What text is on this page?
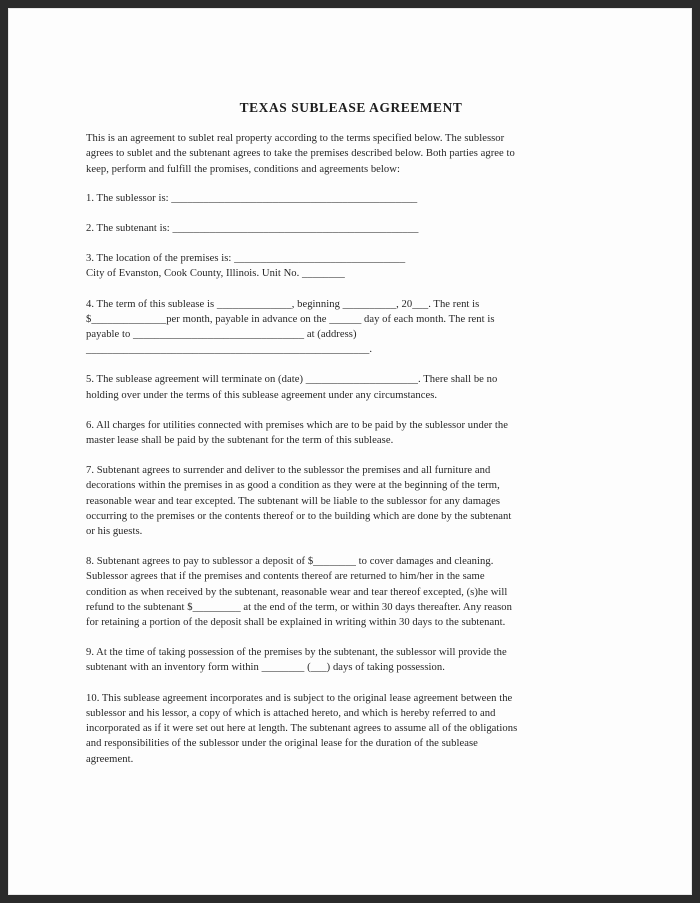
TEXAS SUBLEASE AGREEMENT
This is an agreement to sublet real property according to the terms specified below. The sublessor
agrees to sublet and the subtenant agrees to take the premises described below. Both parties agree to
keep, perform and fulfill the promises, conditions and agreements below:
1. The sublessor is: ______________________________________________
2. The subtenant is: ______________________________________________
3. The location of the premises is: ________________________________
City of Evanston, Cook County, Illinois. Unit No. ________
4. The term of this sublease is ______________, beginning __________, 20___. The rent is
$______________per month, payable in advance on the ______ day of each month. The rent is
payable to ________________________________ at (address)
_____________________________________________________.
5. The sublease agreement will terminate on (date) _____________________. There shall be no
holding over under the terms of this sublease agreement under any circumstances.
6. All charges for utilities connected with premises which are to be paid by the sublessor under the
master lease shall be paid by the subtenant for the term of this sublease.
7. Subtenant agrees to surrender and deliver to the sublessor the premises and all furniture and
decorations within the premises in as good a condition as they were at the beginning of the term,
reasonable wear and tear excepted. The subtenant will be liable to the sublessor for any damages
occurring to the premises or the contents thereof or to the building which are done by the subtenant
or his guests.
8. Subtenant agrees to pay to sublessor a deposit of $________ to cover damages and cleaning.
Sublessor agrees that if the premises and contents thereof are returned to him/her in the same
condition as when received by the subtenant, reasonable wear and tear thereof excepted, (s)he will
refund to the subtenant $_________ at the end of the term, or within 30 days thereafter. Any reason
for retaining a portion of the deposit shall be explained in writing within 30 days to the subtenant.
9. At the time of taking possession of the premises by the subtenant, the sublessor will provide the
subtenant with an inventory form within ________ (___) days of taking possession.
10. This sublease agreement incorporates and is subject to the original lease agreement between the
sublessor and his lessor, a copy of which is attached hereto, and which is hereby referred to and
incorporated as if it were set out here at length. The subtenant agrees to assume all of the obligations
and responsibilities of the sublessor under the original lease for the duration of the sublease
agreement.
